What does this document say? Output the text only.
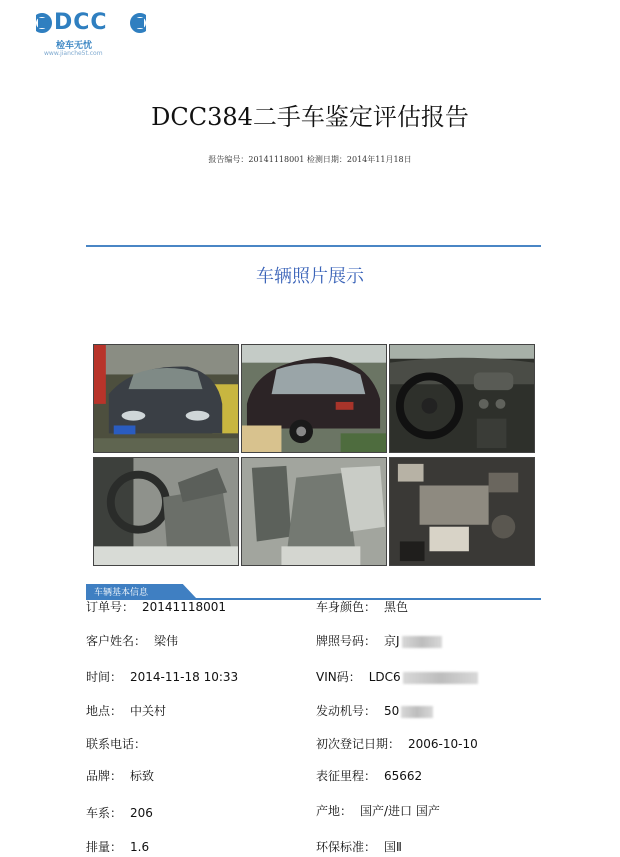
DCC
检车无忧
www.jianche5t.com
DCC384二手车鉴定评估报告
报告编号：20141118001 检测日期：2014年11月18日
车辆照片展示
车辆基本信息
订单号： 20141118001
客户姓名： 梁伟
时间： 2014-11-18 10:33
地点： 中关村
联系电话：
品牌： 标致
车系： 206
排量： 1.6
车身颜色： 黑色
牌照号码： 京J
VIN码： LDC6
发动机号： 50
初次登记日期： 2006-10-10
表征里程： 65662
产地： 国产/进口 国产
环保标准： 国Ⅱ
